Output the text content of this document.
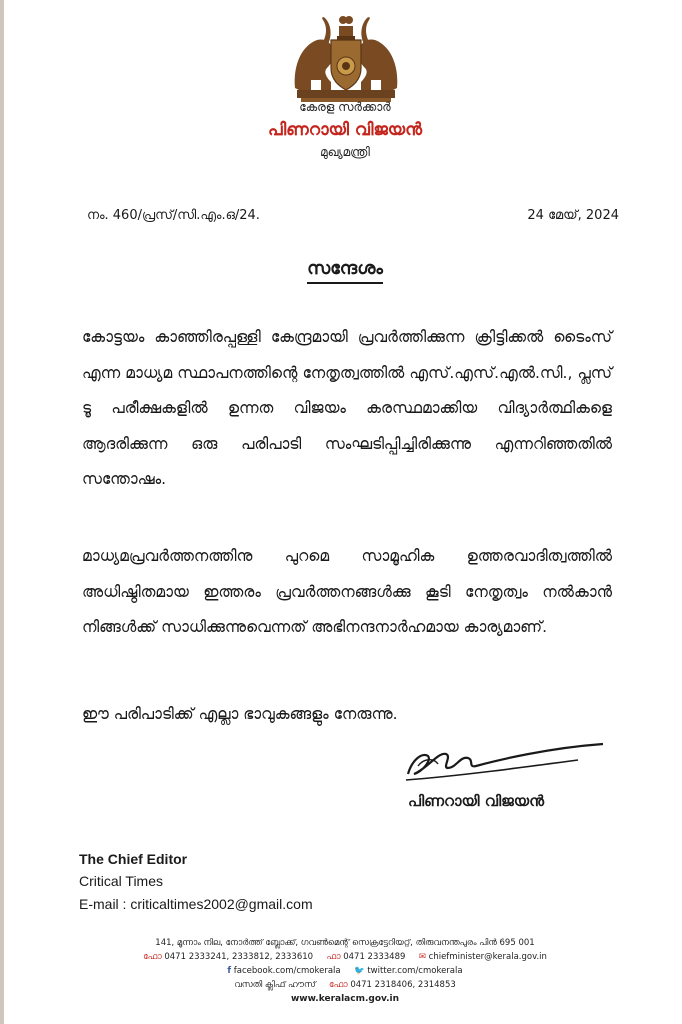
കേരള സർക്കാർ
പിണറായി വിജയൻ
മുഖ്യമന്ത്രി
നം. 460/പ്രസ്/സി.എം.ഒ/24.	24 മേയ്, 2024
സന്ദേശം
കോട്ടയം കാഞ്ഞിരപ്പള്ളി കേന്ദ്രമായി പ്രവർത്തിക്കുന്ന ക്രിട്ടിക്കൽ ടൈംസ് എന്ന മാധ്യമ സ്ഥാപനത്തിന്റെ നേതൃത്വത്തിൽ എസ്.എസ്.എൽ.സി., പ്ലസ് ടൂ പരീക്ഷകളിൽ ഉന്നത വിജയം കരസ്ഥമാക്കിയ വിദ്യാർത്ഥികളെ ആദരിക്കുന്ന ഒരു പരിപാടി സംഘടിപ്പിച്ചിരിക്കുന്നു എന്നറിഞ്ഞതിൽ സന്തോഷം.
മാധ്യമപ്രവർത്തനത്തിനു പുറമെ സാമൂഹിക ഉത്തരവാദിത്വത്തിൽ അധിഷ്ഠിതമായ ഇത്തരം പ്രവർത്തനങ്ങൾക്കു കൂടി നേതൃത്വം നൽകാൻ നിങ്ങൾക്ക് സാധിക്കുന്നുവെന്നത് അഭിനന്ദനാർഹമായ കാര്യമാണ്.
ഈ പരിപാടിക്ക് എല്ലാ ഭാവുകങ്ങളും നേരുന്നു.
പിണറായി വിജയൻ
The Chief Editor
Critical Times
E-mail : criticaltimes2002@gmail.com
141, മൂന്നാം നില, നോർത്ത് ബ്ലോക്ക്, ഗവൺമെന്റ് സെക്രട്ടേറിയറ്റ്, തിരുവനന്തപുരം പിൻ 695 001
ഫോ 0471 2333241, 2333812, 2333610 ഫാ 0471 2333489 ✉ chiefminister@kerala.gov.in
f facebook.com/cmokerala 🐦 twitter.com/cmokerala
വസതി ക്ലിഫ് ഹൗസ് ഫോ 0471 2318406, 2314853
www.keralacm.gov.in
